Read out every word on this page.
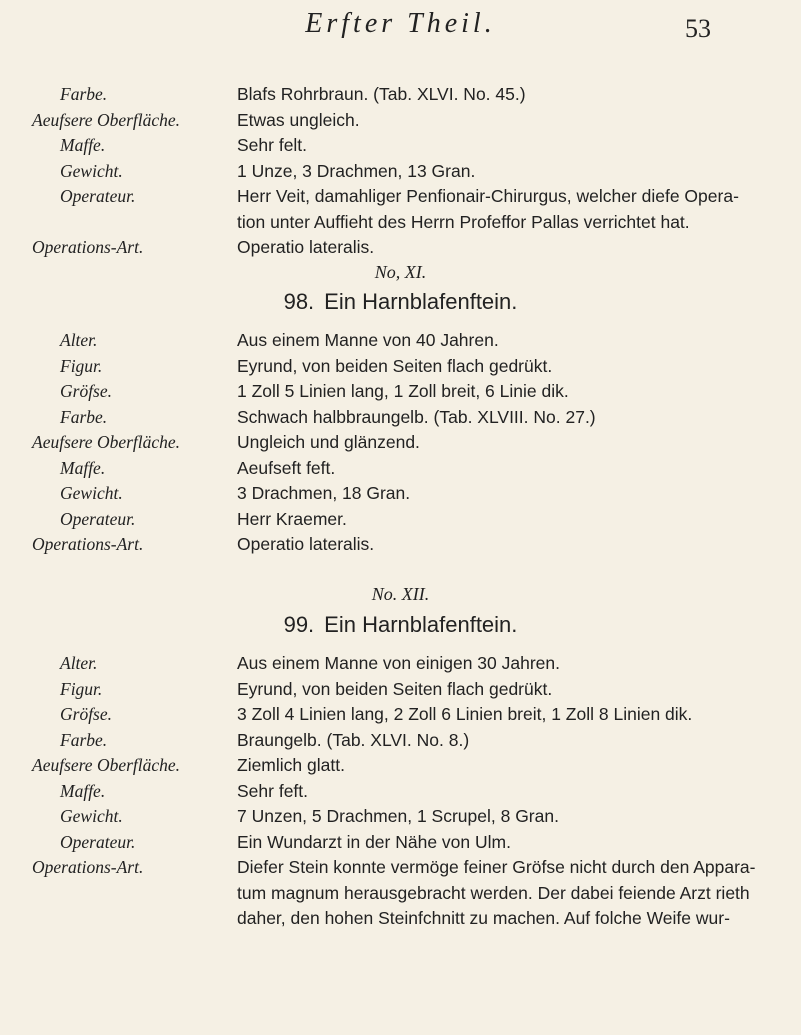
Erfter Theil.	53
Farbe.	Blafs Rohrbraun. (Tab. XLVI. No. 45.)
Aeufsere Oberfläche.	Etwas ungleich.
Maffe.	Sehr felt.
Gewicht.	1 Unze, 3 Drachmen, 13 Gran.
Operateur.	Herr Veit, damahliger Penfionair-Chirurgus, welcher diefe Opera-
tion unter Auffieht des Herrn Profeffor Pallas verrichtet hat.
Operations-Art.	Operatio lateralis.
No, XI.
98. Ein Harnblafenftein.
Alter.	Aus einem Manne von 40 Jahren.
Figur.	Eyrund, von beiden Seiten flach gedrükt.
Gröfse.	1 Zoll 5 Linien lang, 1 Zoll breit, 6 Linie dik.
Farbe.	Schwach halbbraungelb. (Tab. XLVIII. No. 27.)
Aeufsere Oberfläche.	Ungleich und glänzend.
Maffe.	Aeufseft feft.
Gewicht.	3 Drachmen, 18 Gran.
Operateur.	Herr Kraemer.
Operations-Art.	Operatio lateralis.
No. XII.
99. Ein Harnblafenftein.
Alter.	Aus einem Manne von einigen 30 Jahren.
Figur.	Eyrund, von beiden Seiten flach gedrükt.
Gröfse.	3 Zoll 4 Linien lang, 2 Zoll 6 Linien breit, 1 Zoll 8 Linien dik.
Farbe.	Braungelb. (Tab. XLVI. No. 8.)
Aeufsere Oberfläche.	Ziemlich glatt.
Maffe.	Sehr feft.
Gewicht.	7 Unzen, 5 Drachmen, 1 Scrupel, 8 Gran.
Operateur.	Ein Wundarzt in der Nähe von Ulm.
Operations-Art.	Diefer Stein konnte vermöge feiner Gröfse nicht durch den Appara-
tum magnum herausgebracht werden. Der dabei feiende Arzt rieth
daher, den hohen Steinfchnitt zu machen. Auf folche Weife wur-
